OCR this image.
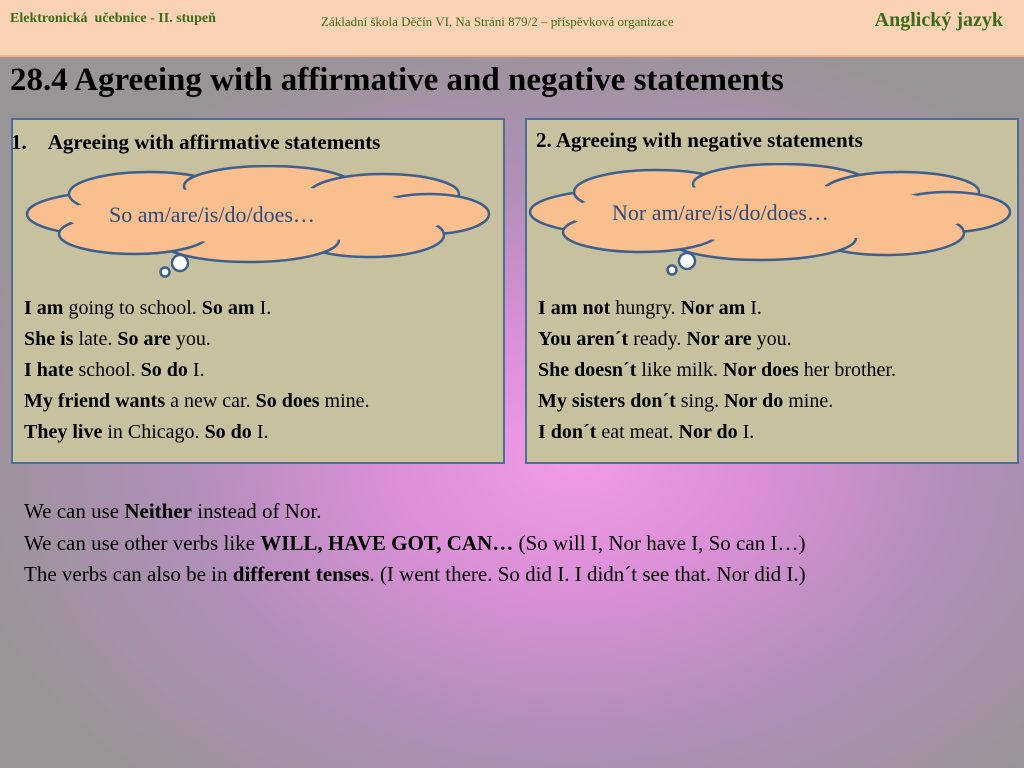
Elektronická  učebnice - II. stupeň	Základní škola Děčín VI, Na Stráni 879/2 – příspěvková organizace	Anglický jazyk
28.4 Agreeing with affirmative and negative statements
1. Agreeing with affirmative statements
So am/are/is/do/does…
I am going to school. So am I.
She is late. So are you.
I hate school. So do I.
My friend wants a new car. So does mine.
They live in Chicago. So do I.
2. Agreeing with negative statements
Nor am/are/is/do/does…
I am not hungry. Nor am I.
You aren´t ready. Nor are you.
She doesn´t like milk. Nor does her brother.
My sisters don´t sing. Nor do mine.
I don´t eat meat. Nor do I.
We can use Neither instead of Nor.
We can use other verbs like WILL, HAVE GOT, CAN… (So will I, Nor have I, So can I…)
The verbs can also be in different tenses. (I went there. So did I. I didn´t see that. Nor did I.)
